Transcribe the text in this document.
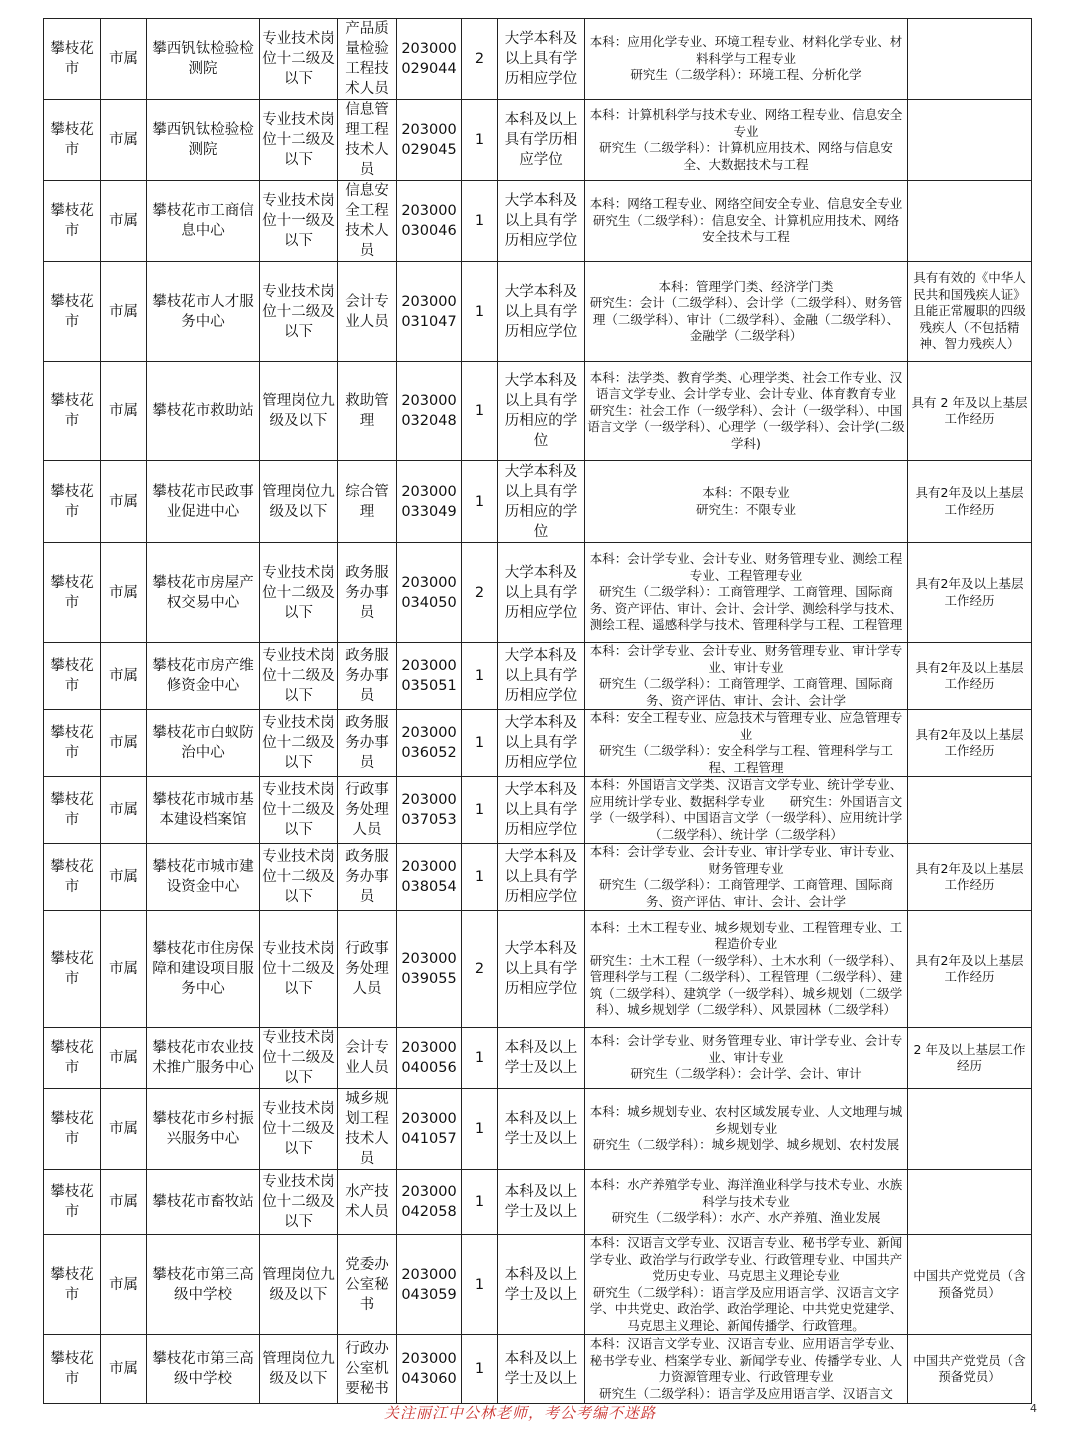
攀枝花市	市属	攀西钒钛检验检测院	专业技术岗位十二级及以下	产品质量检验工程技术人员	203000 029044	2	大学本科及以上具有学历相应学位	本科：应用化学专业、环境工程专业、材料化学专业、材料科学与工程专业
研究生（二级学科）：环境工程、分析化学	

攀枝花市	市属	攀西钒钛检验检测院	专业技术岗位十二级及以下	信息管理工程技术人员	203000 029045	1	本科及以上具有学历相应学位	本科：计算机科学与技术专业、网络工程专业、信息安全专业
研究生（二级学科）：计算机应用技术、网络与信息安全、大数据技术与工程	

攀枝花市	市属	攀枝花市工商信息中心	专业技术岗位十一级及以下	信息安全工程技术人员	203000 030046	1	大学本科及以上具有学历相应学位	本科：网络工程专业、网络空间安全专业、信息安全专业
研究生（二级学科）：信息安全、计算机应用技术、网络安全技术与工程	

攀枝花市	市属	攀枝花市人才服务中心	专业技术岗位十二级及以下	会计专业人员	203000 031047	1	大学本科及以上具有学历相应学位	本科：管理学门类、经济学门类
研究生：会计（二级学科）、会计学（二级学科）、财务管理（二级学科）、审计（二级学科）、金融（二级学科）、金融学（二级学科）	具有有效的《中华人民共和国残疾人证》且能正常履职的四级残疾人（不包括精神、智力残疾人）
攀枝花市	市属	攀枝花市救助站	管理岗位九级及以下	救助管理	203000 032048	1	大学本科及以上具有学历相应的学位	本科：法学类、教育学类、心理学类、社会工作专业、汉语言文学专业、会计学专业、会计专业、体育教育专业
研究生：社会工作（一级学科）、会计（一级学科）、中国语言文学（一级学科）、心理学（一级学科）、会计学(二级学科)	具有 2 年及以上基层工作经历
攀枝花市	市属	攀枝花市民政事业促进中心	管理岗位九级及以下	综合管理	203000 033049	1	大学本科及以上具有学历相应的学位	本科：不限专业
研究生：不限专业	具有2年及以上基层工作经历
攀枝花市	市属	攀枝花市房屋产权交易中心	专业技术岗位十二级及以下	政务服务办事员	203000 034050	2	大学本科及以上具有学历相应学位	本科：会计学专业、会计专业、财务管理专业、测绘工程专业、工程管理专业
研究生（二级学科）：工商管理学、工商管理、国际商务、资产评估、审计、会计、会计学、测绘科学与技术、测绘工程、遥感科学与技术、管理科学与工程、工程管理	具有2年及以上基层工作经历
攀枝花市	市属	攀枝花市房产维修资金中心	专业技术岗位十二级及以下	政务服务办事员	203000 035051	1	大学本科及以上具有学历相应学位	本科：会计学专业、会计专业、财务管理专业、审计学专业、审计专业
研究生（二级学科）：工商管理学、工商管理、国际商务、资产评估、审计、会计、会计学	具有2年及以上基层工作经历
攀枝花市	市属	攀枝花市白蚁防治中心	专业技术岗位十二级及以下	政务服务办事员	203000 036052	1	大学本科及以上具有学历相应学位	本科：安全工程专业、应急技术与管理专业、应急管理专业
研究生（二级学科）：安全科学与工程、管理科学与工程、工程管理	具有2年及以上基层工作经历
攀枝花市	市属	攀枝花市城市基本建设档案馆	专业技术岗位十二级及以下	行政事务处理人员	203000 037053	1	大学本科及以上具有学历相应学位	本科：外国语言文学类、汉语言文学专业、统计学专业、应用统计学专业、数据科学专业　　研究生：外国语言文学（一级学科）、中国语言文学（一级学科）、应用统计学（二级学科）、统计学（二级学科）	

攀枝花市	市属	攀枝花市城市建设资金中心	专业技术岗位十二级及以下	政务服务办事员	203000 038054	1	大学本科及以上具有学历相应学位	本科：会计学专业、会计专业、审计学专业、审计专业、财务管理专业
研究生（二级学科）：工商管理学、工商管理、国际商务、资产评估、审计、会计、会计学	具有2年及以上基层工作经历
攀枝花市	市属	攀枝花市住房保障和建设项目服务中心	专业技术岗位十二级及以下	行政事务处理人员	203000 039055	2	大学本科及以上具有学历相应学位	本科：土木工程专业、城乡规划专业、工程管理专业、工程造价专业
研究生：土木工程（一级学科）、土木水利（一级学科）、管理科学与工程（二级学科）、工程管理（二级学科）、建筑（二级学科）、建筑学（一级学科）、城乡规划（二级学科）、城乡规划学（二级学科）、风景园林（二级学科）	具有2年及以上基层工作经历
攀枝花市	市属	攀枝花市农业技术推广服务中心	专业技术岗位十二级及以下	会计专业人员	203000 040056	1	本科及以上学士及以上	本科：会计学专业、财务管理专业、审计学专业、会计专业、审计专业
研究生（二级学科）：会计学、会计、审计	2 年及以上基层工作经历
攀枝花市	市属	攀枝花市乡村振兴服务中心	专业技术岗位十二级及以下	城乡规划工程技术人员	203000 041057	1	本科及以上学士及以上	本科：城乡规划专业、农村区域发展专业、人文地理与城乡规划专业
研究生（二级学科）：城乡规划学、城乡规划、农村发展	

攀枝花市	市属	攀枝花市畜牧站	专业技术岗位十二级及以下	水产技术人员	203000 042058	1	本科及以上学士及以上	本科：水产养殖学专业、海洋渔业科学与技术专业、水族科学与技术专业
研究生（二级学科）：水产、水产养殖、渔业发展	

攀枝花市	市属	攀枝花市第三高级中学校	管理岗位九级及以下	党委办公室秘书	203000 043059	1	本科及以上学士及以上	本科：汉语言文学专业、汉语言专业、秘书学专业、新闻学专业、政治学与行政学专业、行政管理专业、中国共产党历史专业、马克思主义理论专业
研究生（二级学科）：语言学及应用语言学、汉语言文字学、中共党史、政治学、政治学理论、中共党史党建学、马克思主义理论、新闻传播学、行政管理。	中国共产党党员（含预备党员）
攀枝花市	市属	攀枝花市第三高级中学校	管理岗位九级及以下	行政办公室机要秘书	203000 043060	1	本科及以上学士及以上	本科：汉语言文学专业、汉语言专业、应用语言学专业、秘书学专业、档案学专业、新闻学专业、传播学专业、人力资源管理专业、行政管理专业
研究生（二级学科）：语言学及应用语言学、汉语言文	中国共产党党员（含预备党员）
关注丽江中公林老师，考公考编不迷路	4
